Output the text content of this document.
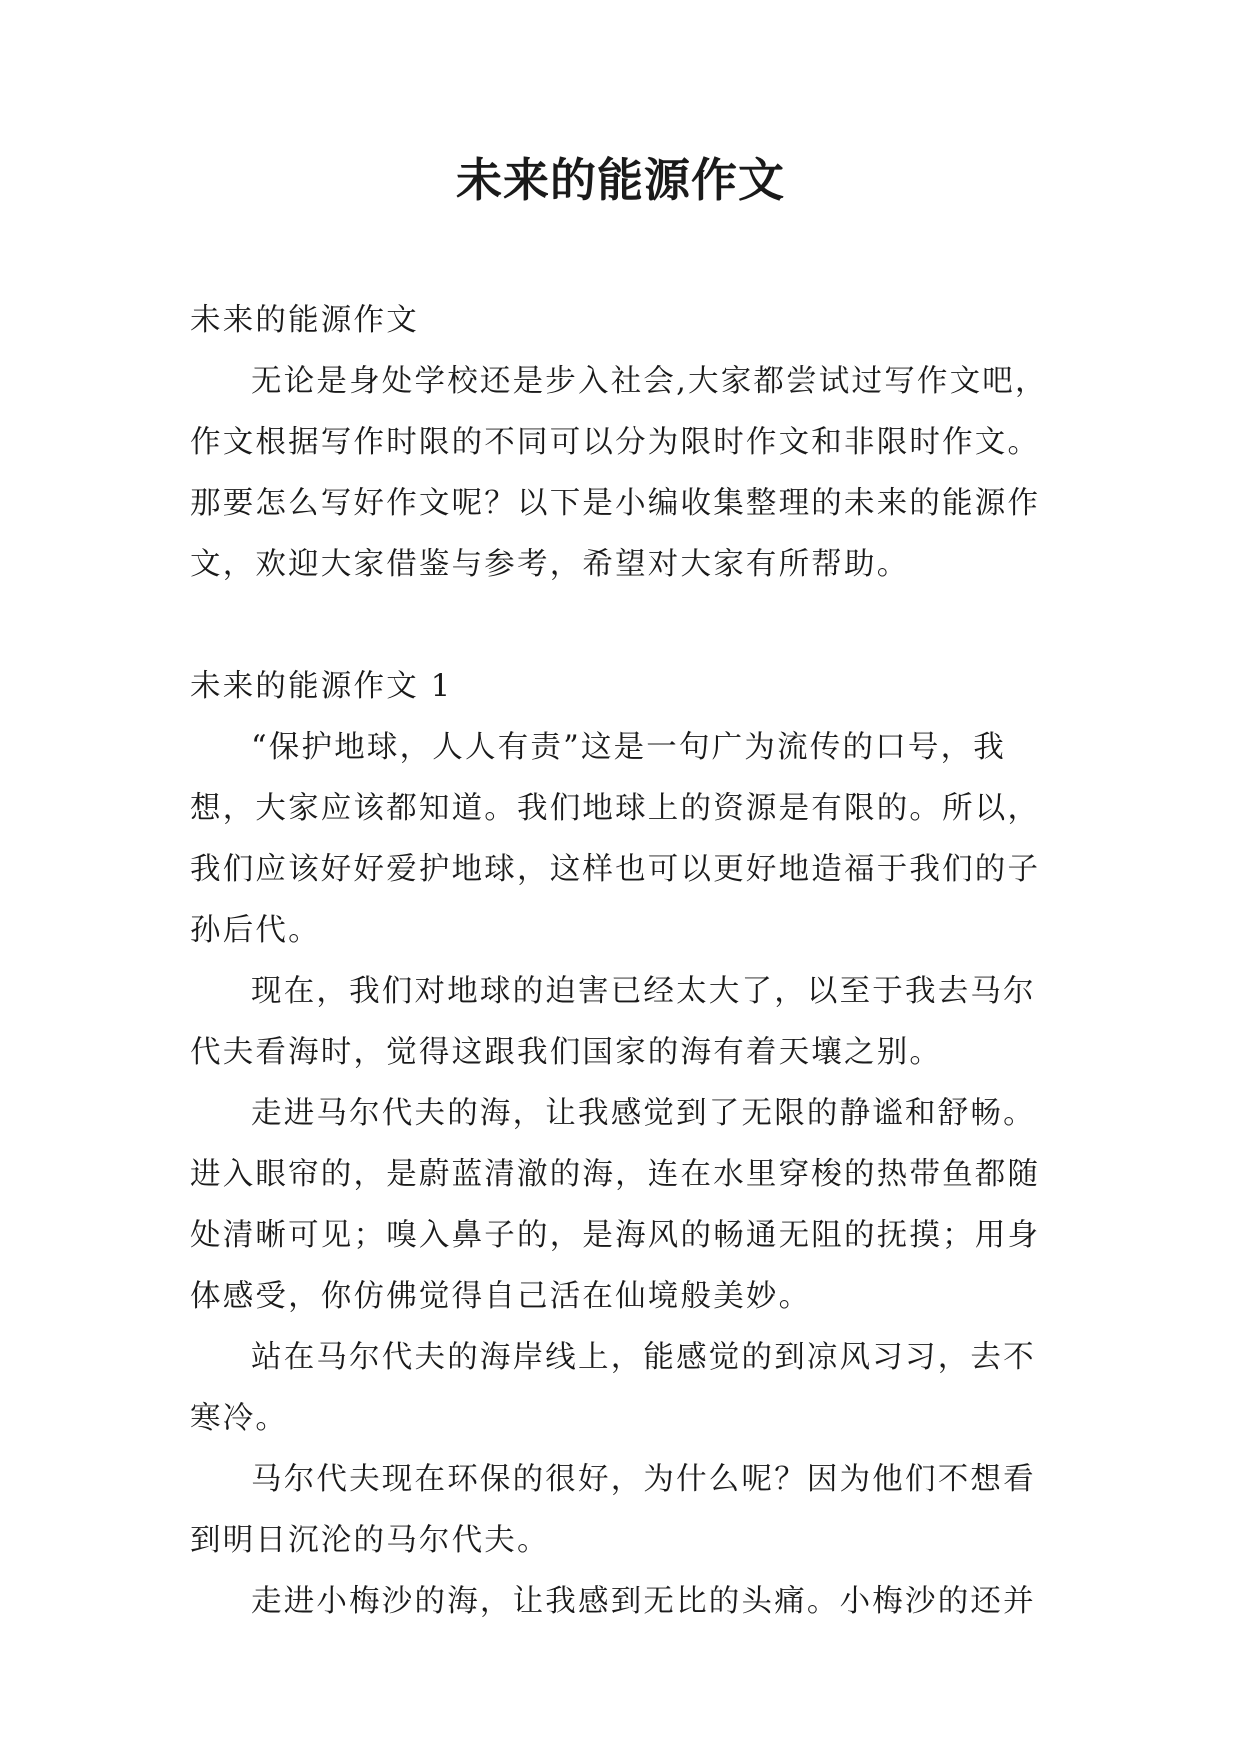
未来的能源作文

未来的能源作文

无论是身处学校还是步入社会,大家都尝试过写作文吧，作文根据写作时限的不同可以分为限时作文和非限时作文。那要怎么写好作文呢？以下是小编收集整理的未来的能源作文，欢迎大家借鉴与参考，希望对大家有所帮助。

未来的能源作文 1

“保护地球，人人有责”这是一句广为流传的口号，我想，大家应该都知道。我们地球上的资源是有限的。所以，我们应该好好爱护地球，这样也可以更好地造福于我们的子孙后代。

现在，我们对地球的迫害已经太大了，以至于我去马尔代夫看海时，觉得这跟我们国家的海有着天壤之别。

走进马尔代夫的海，让我感觉到了无限的静谧和舒畅。进入眼帘的，是蔚蓝清澈的海，连在水里穿梭的热带鱼都随处清晰可见；嗅入鼻子的，是海风的畅通无阻的抚摸；用身体感受，你仿佛觉得自己活在仙境般美妙。

站在马尔代夫的海岸线上，能感觉的到凉风习习，去不寒冷。

马尔代夫现在环保的很好，为什么呢？因为他们不想看到明日沉沦的马尔代夫。

走进小梅沙的海，让我感到无比的头痛。小梅沙的还并
